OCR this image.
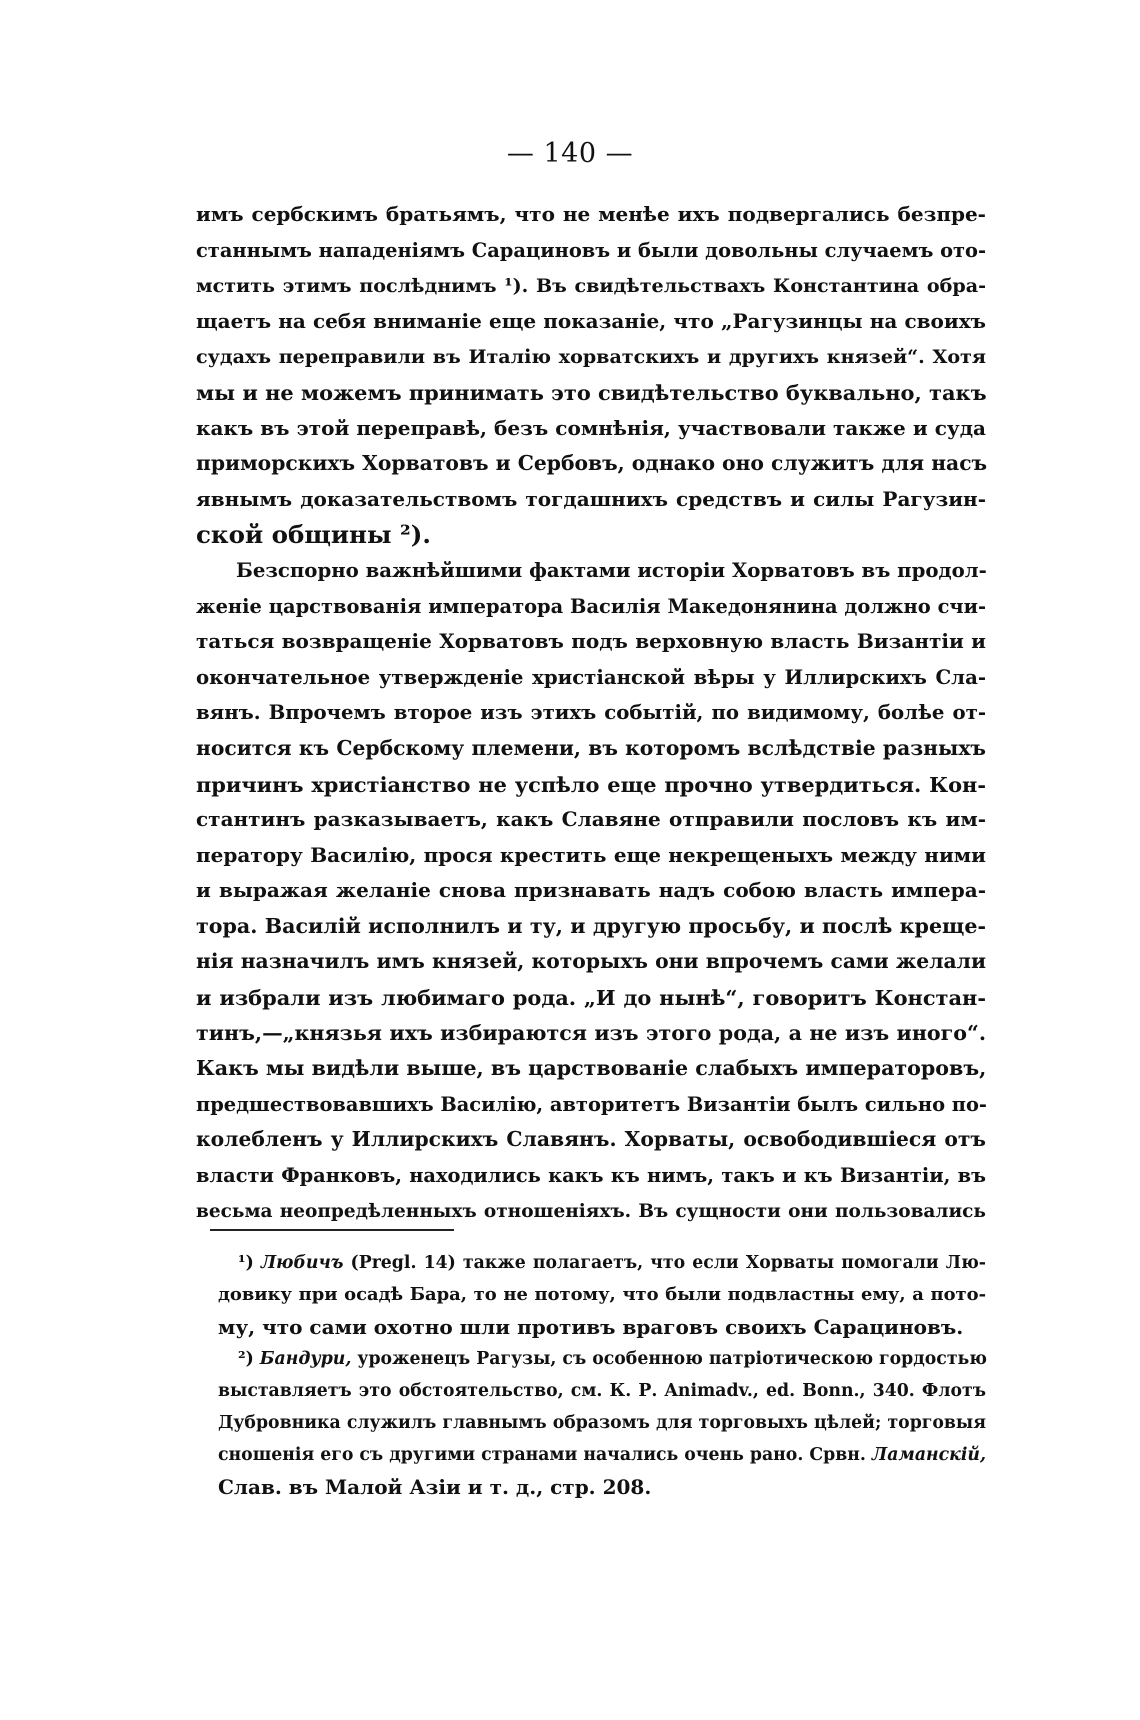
— 140 —
имъ сербскимъ братьямъ, что не менѣе ихъ подвергались безпре-
станнымъ нападеніямъ Сарациновъ и были довольны случаемъ ото-
мстить этимъ послѣднимъ ¹). Въ свидѣтельствахъ Константина обра-
щаетъ на себя вниманіе еще показаніе, что „Рагузинцы на своихъ
судахъ переправили въ Италію хорватскихъ и другихъ князей“. Хотя
мы и не можемъ принимать это свидѣтельство буквально, такъ
какъ въ этой переправѣ, безъ сомнѣнія, участвовали также и суда
приморскихъ Хорватовъ и Сербовъ, однако оно служитъ для насъ
явнымъ доказательствомъ тогдашнихъ средствъ и силы Рагузин-
ской общины ²).
Безспорно важнѣйшими фактами исторіи Хорватовъ въ продол-
женіе царствованія императора Василія Македонянина должно счи-
таться возвращеніе Хорватовъ подъ верховную власть Византіи и
окончательное утвержденіе христіанской вѣры у Иллирскихъ Сла-
вянъ. Впрочемъ второе изъ этихъ событій, по видимому, болѣе от-
носится къ Сербскому племени, въ которомъ вслѣдствіе разныхъ
причинъ христіанство не успѣло еще прочно утвердиться. Кон-
стантинъ разказываетъ, какъ Славяне отправили пословъ къ им-
ператору Василію, прося крестить еще некрещеныхъ между ними
и выражая желаніе снова признавать надъ собою власть импера-
тора. Василій исполнилъ и ту, и другую просьбу, и послѣ креще-
нія назначилъ имъ князей, которыхъ они впрочемъ сами желали
и избрали изъ любимаго рода. „И до нынѣ“, говоритъ Констан-
тинъ,—„князья ихъ избираются изъ этого рода, а не изъ иного“.
Какъ мы видѣли выше, въ царствованіе слабыхъ императоровъ,
предшествовавшихъ Василію, авторитетъ Византіи былъ сильно по-
колебленъ у Иллирскихъ Славянъ. Хорваты, освободившіеся отъ
власти Франковъ, находились какъ къ нимъ, такъ и къ Византіи, въ
весьма неопредѣленныхъ отношеніяхъ. Въ сущности они пользовались
¹) Любичъ (Pregl. 14) также полагаетъ, что если Хорваты помогали Лю-
довику при осадѣ Бара, то не потому, что были подвластны ему, а пото-
му, что сами охотно шли противъ враговъ своихъ Сарациновъ.
²) Бандури, уроженецъ Рагузы, съ особенною патріотическою гордостью
выставляетъ это обстоятельство, см. К. Р. Animadv., ed. Bonn., 340. Флотъ
Дубровника служилъ главнымъ образомъ для торговыхъ цѣлей; торговыя
сношенія его съ другими странами начались очень рано. Срвн. Ламанскій,
Слав. въ Малой Азіи и т. д., стр. 208.
